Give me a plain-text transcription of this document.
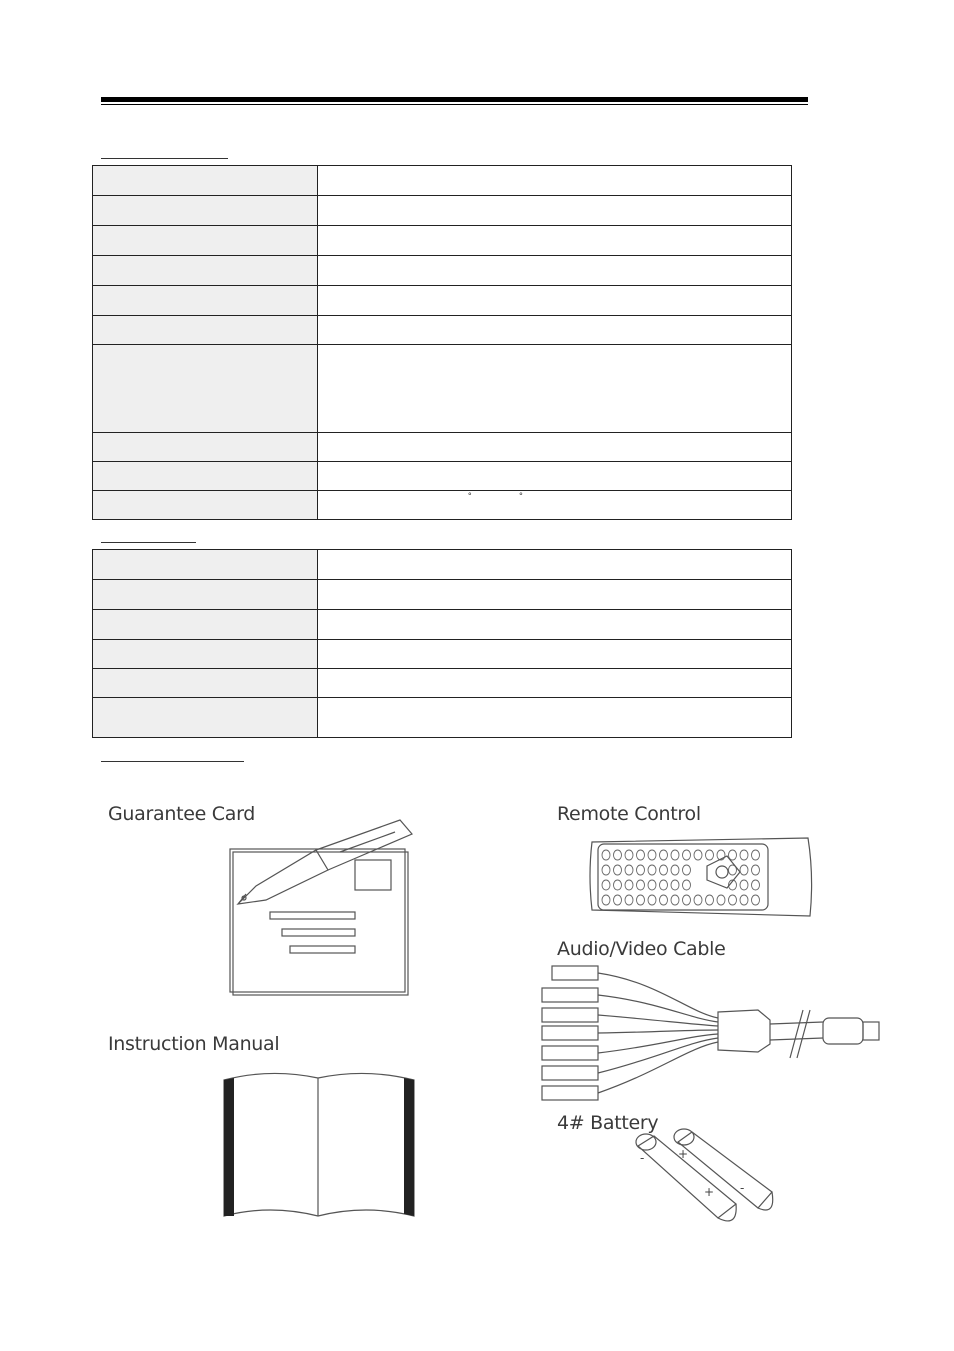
	° °

Guarantee Card	Remote Control
Audio/Video Cable
Instruction Manual
4# Battery
+
+ -
-
